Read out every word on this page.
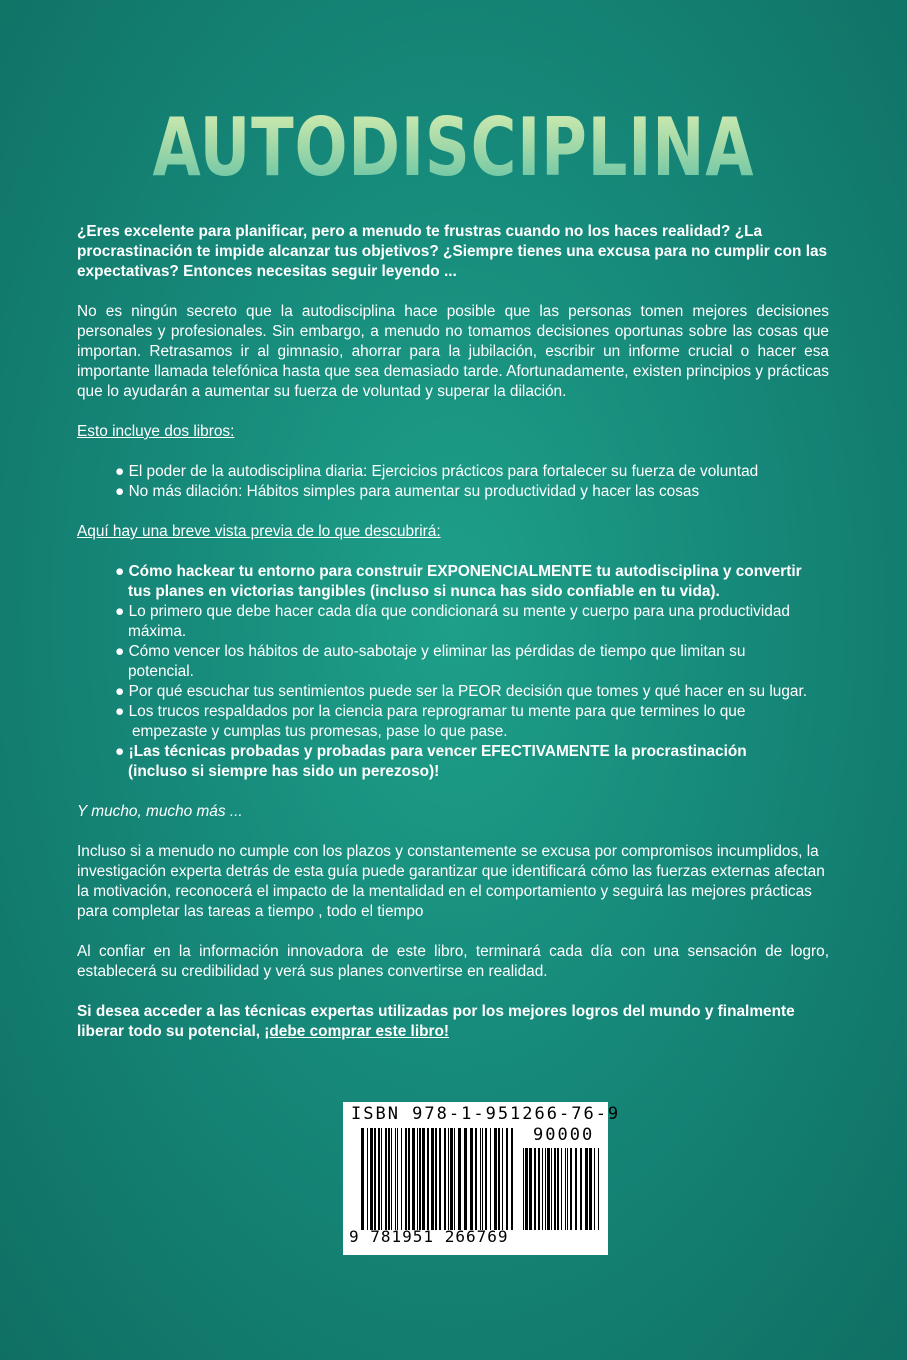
AUTODISCIPLINA
¿Eres excelente para planificar, pero a menudo te frustras cuando no los haces realidad? ¿La procrastinación te impide alcanzar tus objetivos? ¿Siempre tienes una excusa para no cumplir con las expectativas? Entonces necesitas seguir leyendo ...
No es ningún secreto que la autodisciplina hace posible que las personas tomen mejores decisiones personales y profesionales. Sin embargo, a menudo no tomamos decisiones oportunas sobre las cosas que importan. Retrasamos ir al gimnasio, ahorrar para la jubilación, escribir un informe crucial o hacer esa importante llamada telefónica hasta que sea demasiado tarde. Afortunadamente, existen principios y prácticas que lo ayudarán a aumentar su fuerza de voluntad y superar la dilación.
Esto incluye dos libros:
● El poder de la autodisciplina diaria: Ejercicios prácticos para fortalecer su fuerza de voluntad
● No más dilación: Hábitos simples para aumentar su productividad y hacer las cosas
Aquí hay una breve vista previa de lo que descubrirá:
● Cómo hackear tu entorno para construir EXPONENCIALMENTE tu autodisciplina y convertir
tus planes en victorias tangibles (incluso si nunca has sido confiable en tu vida).
● Lo primero que debe hacer cada día que condicionará su mente y cuerpo para una productividad
máxima.
● Cómo vencer los hábitos de auto-sabotaje y eliminar las pérdidas de tiempo que limitan su
potencial.
● Por qué escuchar tus sentimientos puede ser la PEOR decisión que tomes y qué hacer en su lugar.
● Los trucos respaldados por la ciencia para reprogramar tu mente para que termines lo que
empezaste y cumplas tus promesas, pase lo que pase.
● ¡Las técnicas probadas y probadas para vencer EFECTIVAMENTE la procrastinación
(incluso si siempre has sido un perezoso)!
Y mucho, mucho más ...
Incluso si a menudo no cumple con los plazos y constantemente se excusa por compromisos incumplidos, la investigación experta detrás de esta guía puede garantizar que identificará cómo las fuerzas externas afectan la motivación, reconocerá el impacto de la mentalidad en el comportamiento y seguirá las mejores prácticas para completar las tareas a tiempo , todo el tiempo
Al confiar en la información innovadora de este libro, terminará cada día con una sensación de logro, establecerá su credibilidad y verá sus planes convertirse en realidad.
Si desea acceder a las técnicas expertas utilizadas por los mejores logros del mundo y finalmente liberar todo su potencial, ¡debe comprar este libro!
ISBN 978-1-951266-76-9
90000
9 781951 266769
